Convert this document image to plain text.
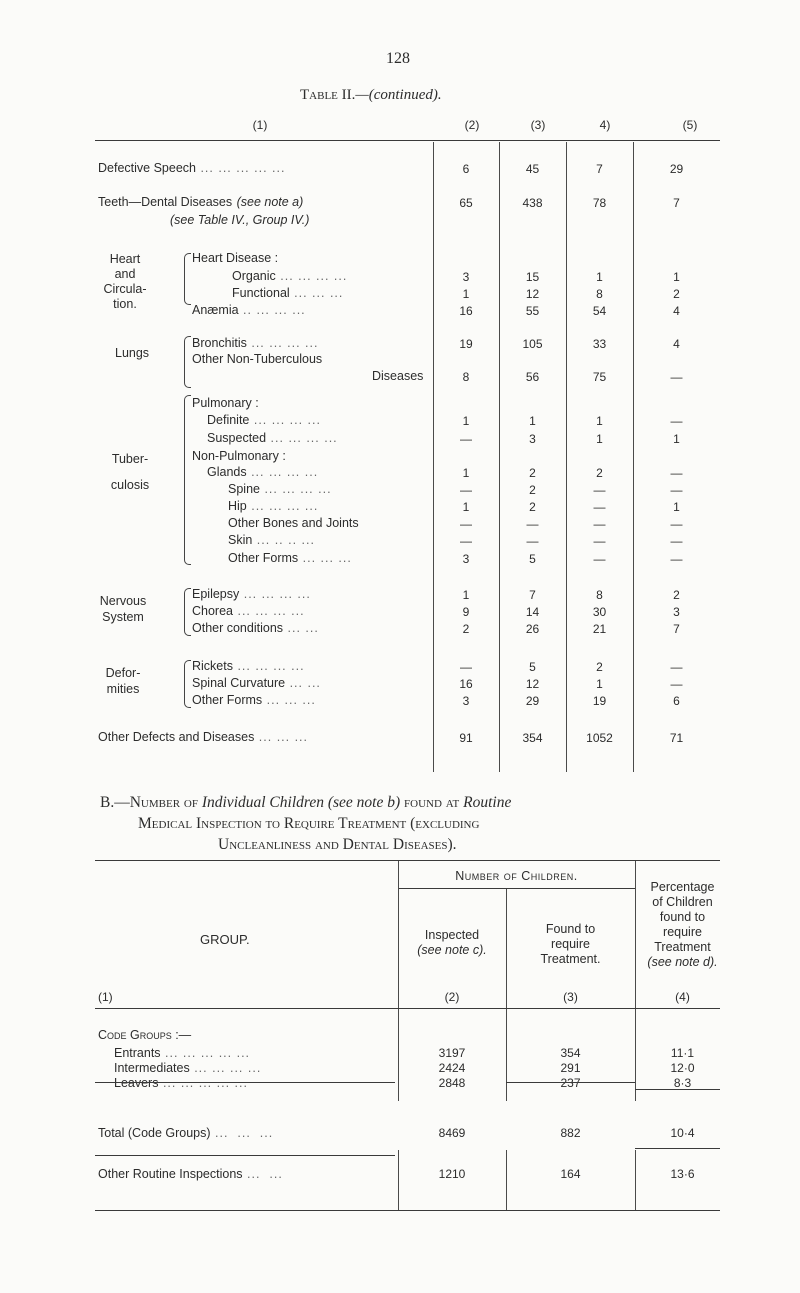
128
Table II.—(continued).
(1)	(2)	(3)	4)	(5)
Defective Speech ... ... ... ... ...	6	45	7	29
Teeth—Dental Diseases (see note a)
(see Table IV., Group IV.)
65	438	78	7
Heart
and
Circula-
tion.
Heart Disease :
Organic ... ... ... ...	3	15	1	1
Functional ... ... ...	1	12	8	2
Anæmia .. ... ... ...	16	55	54	4
Lungs
Bronchitis ... ... ... ...	19	105	33	4
Other Non-Tuberculous
Diseases	8	56	75	—
Tuber-
culosis
Pulmonary :
Definite ... ... ... ...	1	1	1	—
Suspected ... ... ... ...	—	3	1	1
Non-Pulmonary :
Glands ... ... ... ...	1	2	2	—
Spine ... ... ... ...	—	2	—	—
Hip ... ... ... ...	1	2	—	1
Other Bones and Joints	—	—	—	—
Skin ... .. .. ...	—	—	—	—
Other Forms ... ... ...	3	5	—	—
Nervous
System
Epilepsy ... ... ... ...	1	7	8	2
Chorea ... ... ... ...	9	14	30	3
Other conditions ... ...	2	26	21	7
Defor-
mities
Rickets ... ... ... ...	—	5	2	—
Spinal Curvature ... ...	16	12	1	—
Other Forms ... ... ...	3	29	19	6
Other Defects and Diseases ... ... ...	91	354	1052	71
B.—Number of Individual Children (see note b) found at Routine
Medical Inspection to Require Treatment (excluding
Uncleanliness and Dental Diseases).
Number of Children.
GROUP.	Inspected
(see note c).
Found to
require
Treatment.
Percentage
of Children
found to
require
Treatment
(see note d).
(1)	(2)	(3)	(4)
Code Groups :—
Entrants ... ... ... ... ...	3197	354	11·1
Intermediates ... ... ... ...	2424	291	12·0
Leavers ... ... ... ... ...	2848	237	8·3
Total (Code Groups) ...  ...  ...	8469	882	10·4
Other Routine Inspections ...  ...	1210	164	13·6
